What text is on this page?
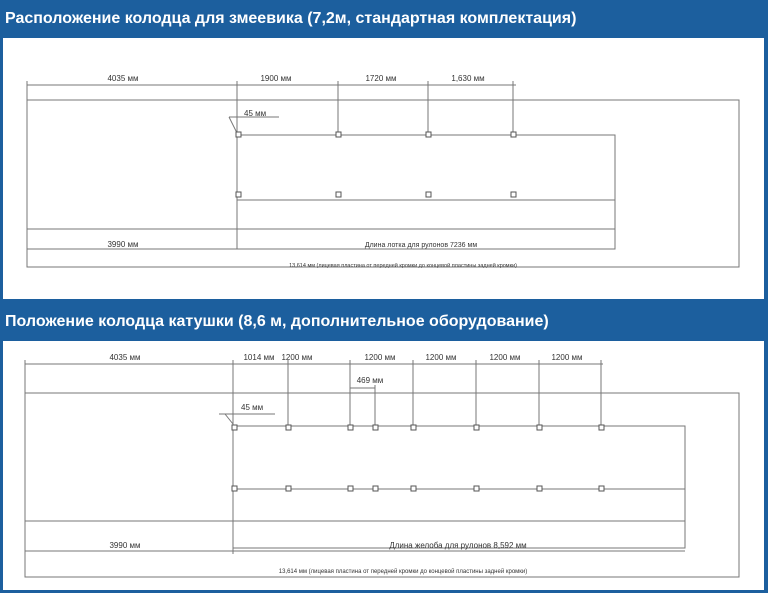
Расположение колодца для змеевика (7,2м, стандартная комплектация)
Положение колодца катушки (8,6 м, дополнительное оборудование)
4035 мм	1900 мм	1720 мм	1,630 мм
45 мм
3990 мм	Длина лотка для рулонов 7236 мм
13,614 мм (лицевая пластина от передней кромки до концевой пластины задней кромки)
4035 мм	1014 мм 1200 мм	1200 мм	1200 мм	1200 мм	1200 мм
469 мм
45 мм
3990 мм	Длина желоба для рулонов 8,592 мм
13,614 мм (лицевая пластина от передней кромки до концевой пластины задней кромки)
